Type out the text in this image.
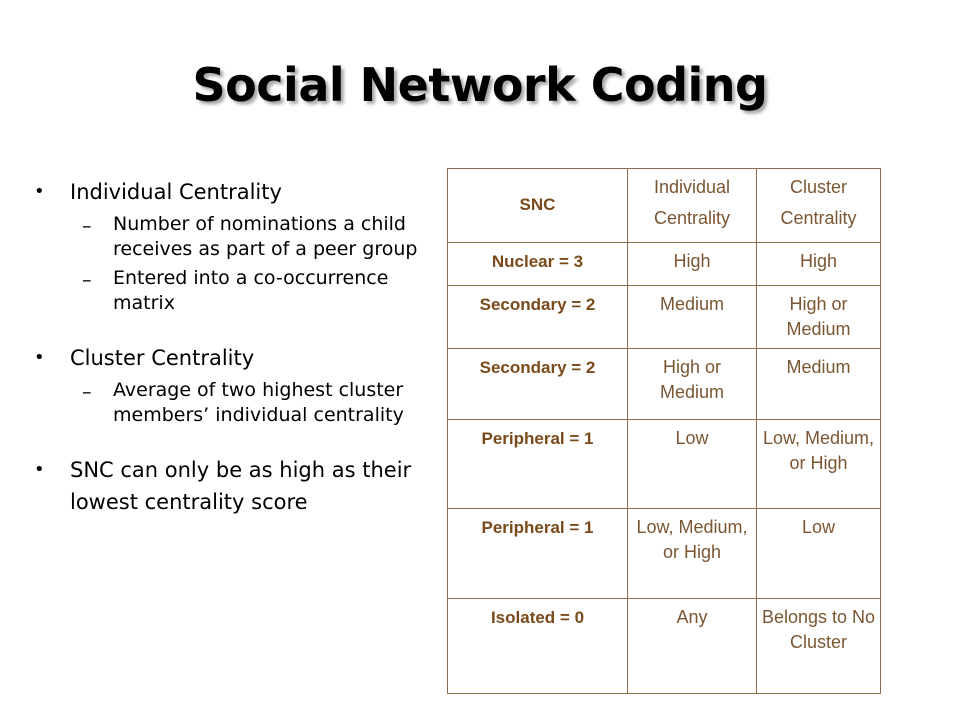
Social Network Coding
• Individual Centrality
– Number of nominations a child receives as part of a peer group
– Entered into a co-occurrence matrix
• Cluster Centrality
– Average of two highest cluster members’ individual centrality
• SNC can only be as high as their lowest centrality score
SNC	Individual Centrality	Cluster Centrality
Nuclear = 3	High	High
Secondary = 2	Medium	High or Medium
Secondary = 2	High or Medium	Medium
Peripheral = 1	Low	Low, Medium, or High
Peripheral = 1	Low, Medium, or High	Low
Isolated = 0	Any	Belongs to No Cluster
